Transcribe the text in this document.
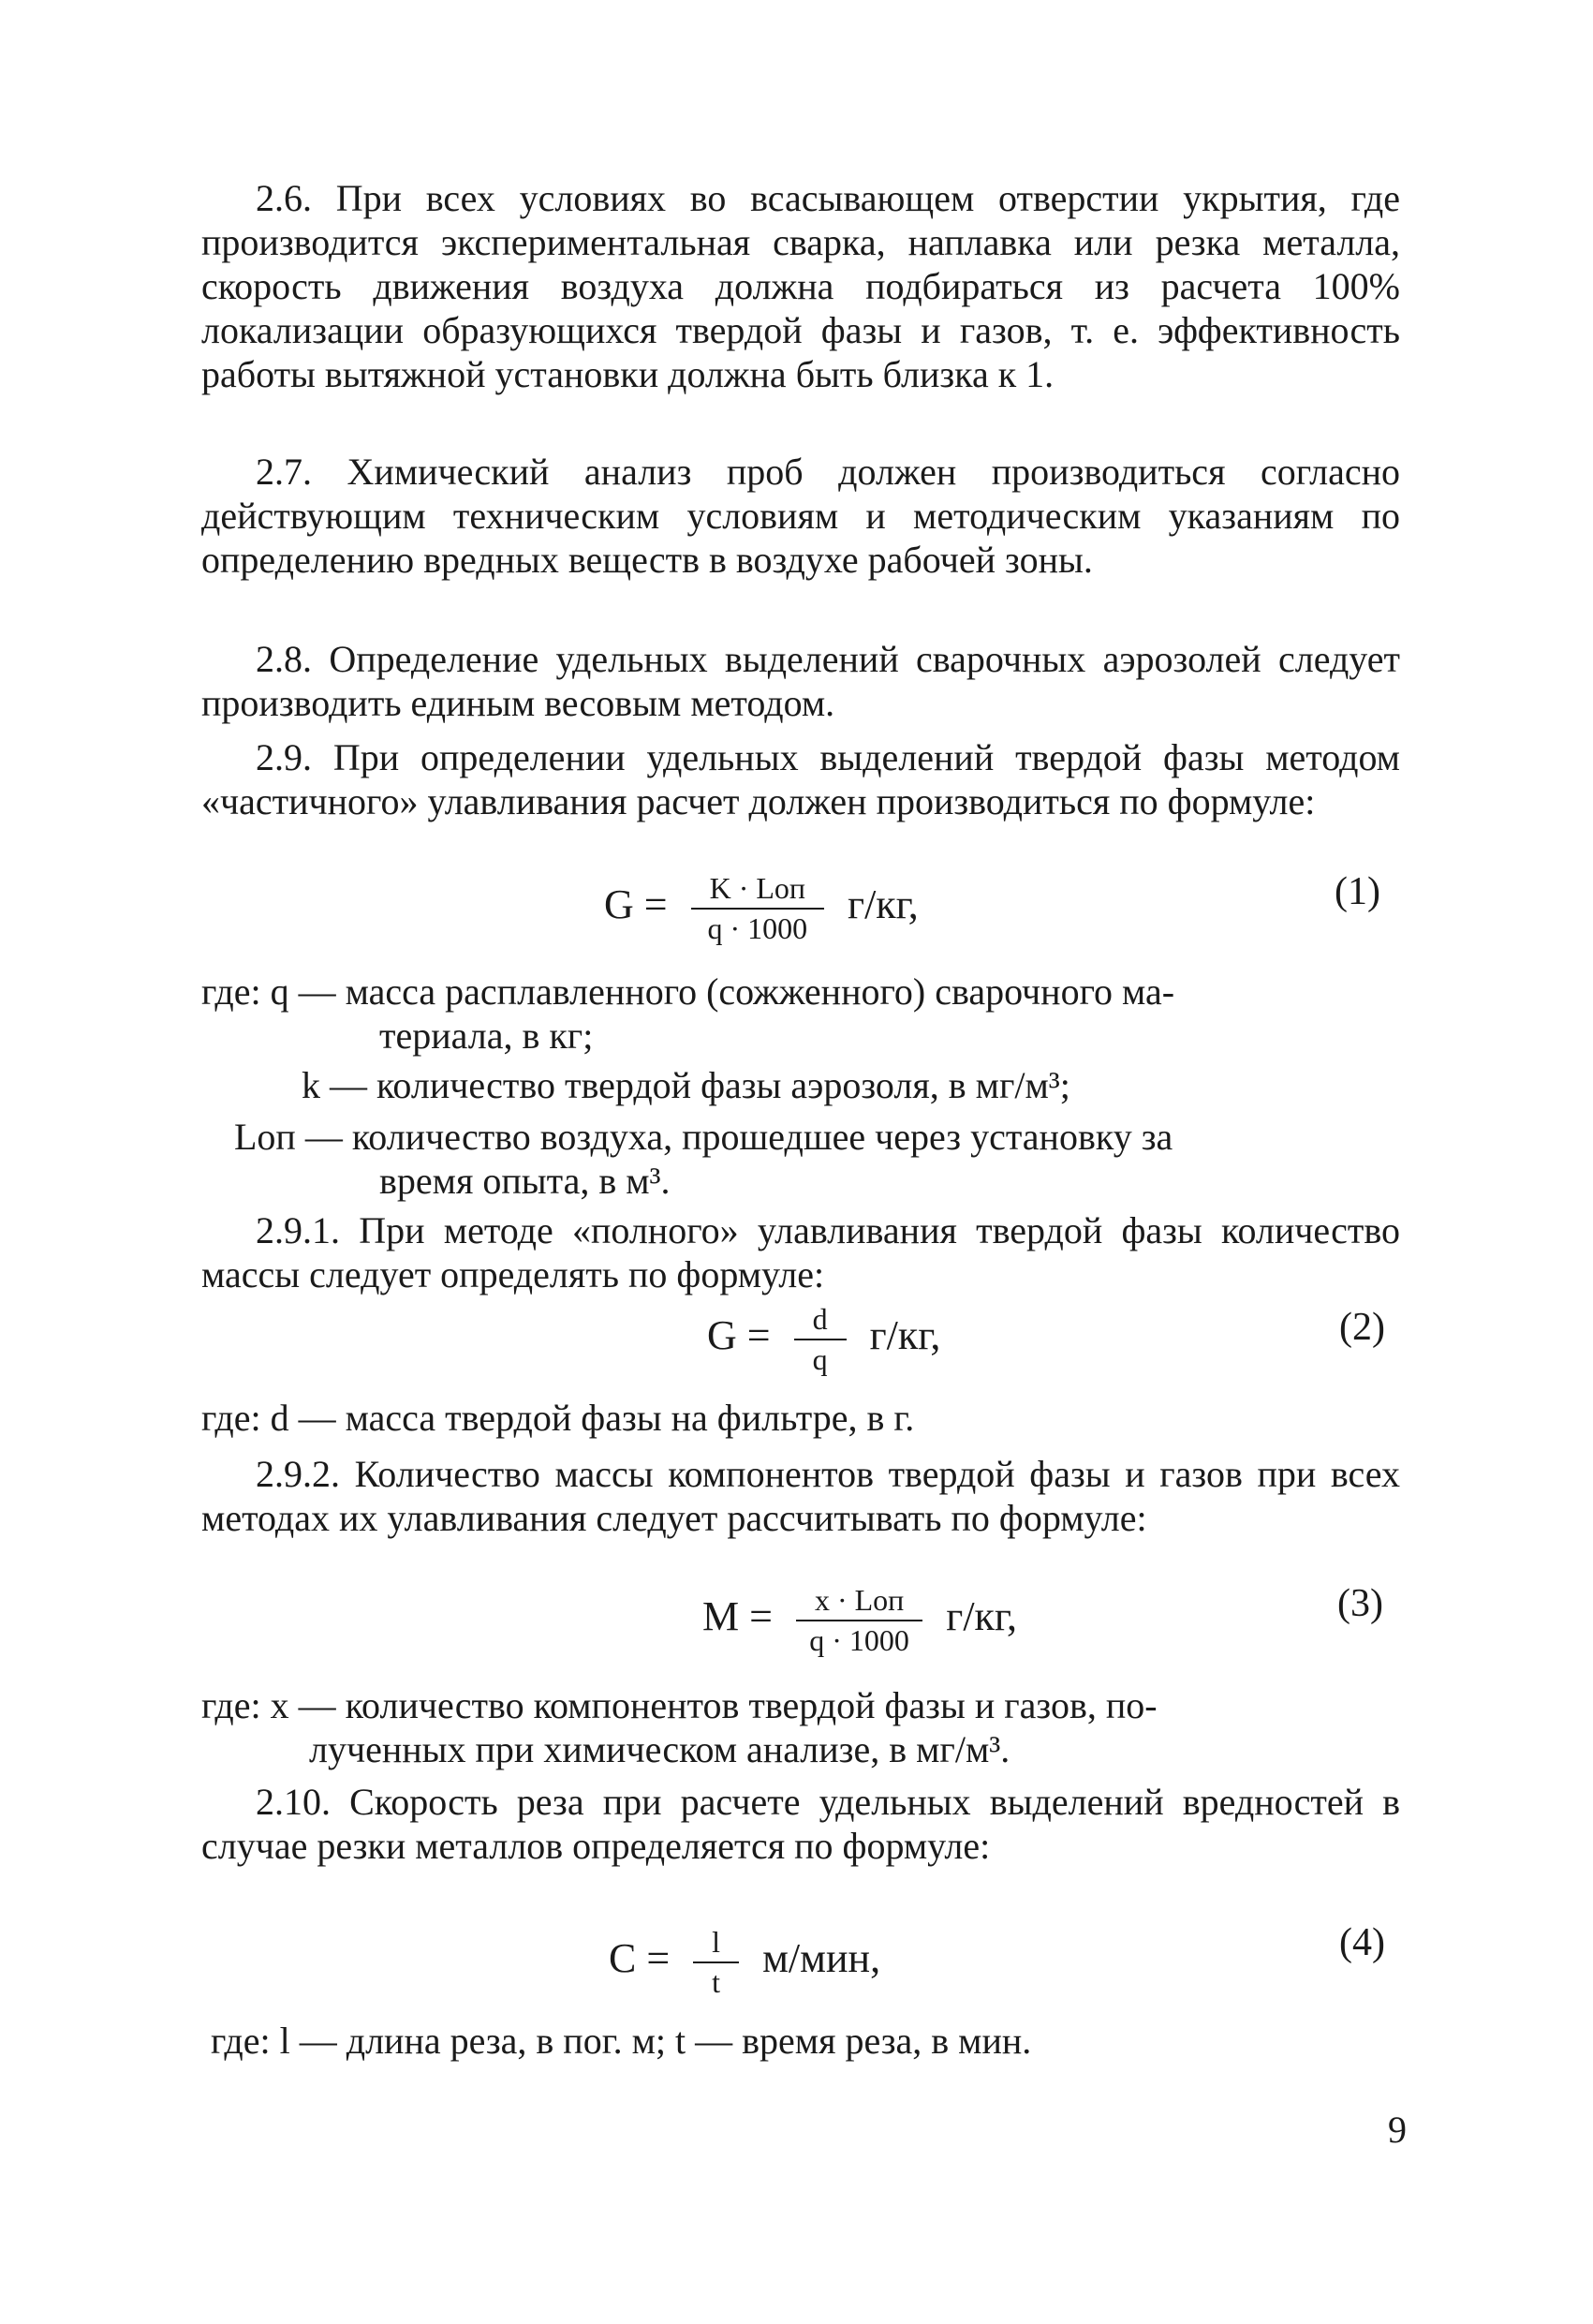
2.6. При всех условиях во всасывающем отверстии укрытия, где производится экспериментальная сварка, наплавка или резка металла, скорость движения воздуха должна подбираться из расчета 100% локализации образующихся твердой фазы и газов, т. е. эффективность работы вытяжной установки должна быть близка к 1.

2.7. Химический анализ проб должен производиться согласно действующим техническим условиям и методическим указаниям по определению вредных веществ в воздухе рабочей зоны.

2.8. Определение удельных выделений сварочных аэрозолей следует производить единым весовым методом.

2.9. При определении удельных выделений твердой фазы методом «частичного» улавливания расчет должен производиться по формуле:

$G = \frac{\text{K · Lоп}}{q \cdot 1000} г/кг$,	(1)
где: q — масса расплавленного (сожженного) сварочного ма-
териала, в кг;
k — количество твердой фазы аэрозоля, в мг/м³;
Lоп — количество воздуха, прошедшее через установку за
время опыта, в м³.

2.9.1. При методе «полного» улавливания твердой фазы количество массы следует определять по формуле:

$G = \frac{d}{q} г/кг$,	(2)
где: d — масса твердой фазы на фильтре, в г.

2.9.2. Количество массы компонентов твердой фазы и газов при всех методах их улавливания следует рассчитывать по формуле:

$M = \frac{\text{x · Lоп}}{q \cdot 1000} г/кг$,	(3)
где: x — количество компонентов твердой фазы и газов, по-
лученных при химическом анализе, в мг/м³.

2.10. Скорость реза при расчете удельных выделений вредностей в случае резки металлов определяется по формуле:

$C = \frac{l}{t} м/мин$,	(4)
где: l — длина реза, в пог. м; t — время реза, в мин.
9
